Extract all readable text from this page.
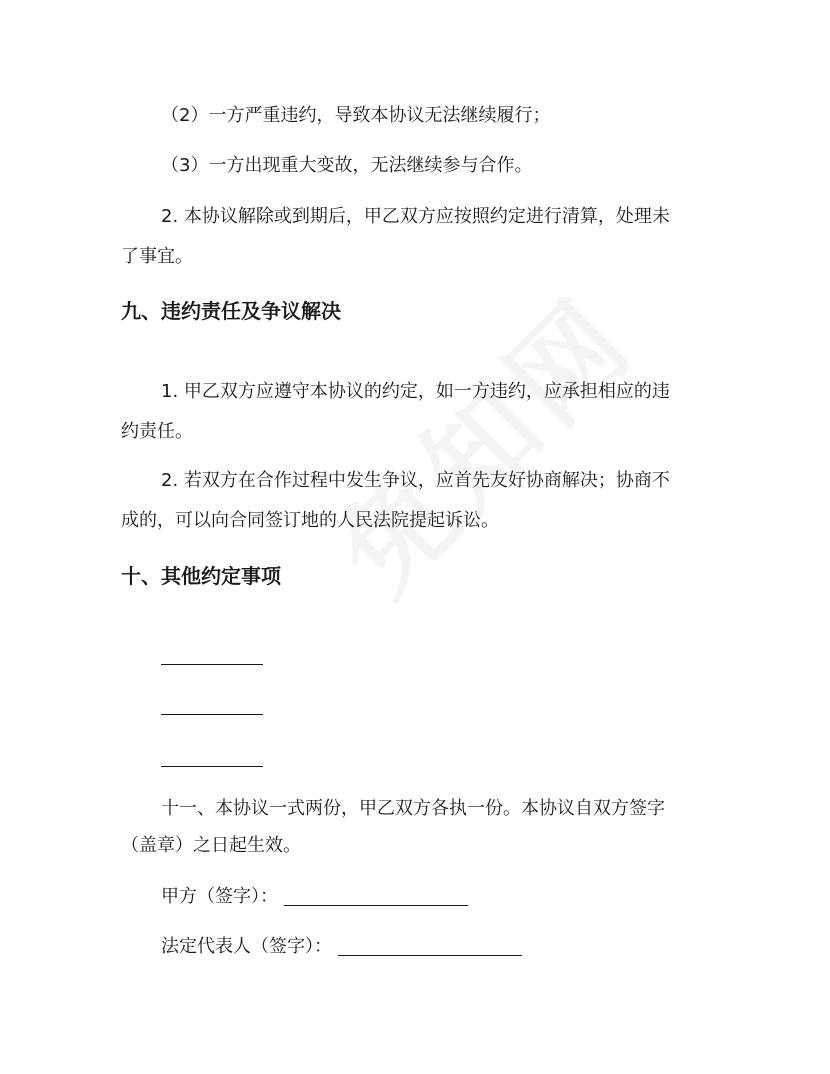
（2）一方严重违约，导致本协议无法继续履行；
（3）一方出现重大变故，无法继续参与合作。
2. 本协议解除或到期后，甲乙双方应按照约定进行清算，处理未
了事宜。
九、违约责任及争议解决
1. 甲乙双方应遵守本协议的约定，如一方违约，应承担相应的违
约责任。
2. 若双方在合作过程中发生争议，应首先友好协商解决；协商不
成的，可以向合同签订地的人民法院提起诉讼。
十、其他约定事项
十一、本协议一式两份，甲乙双方各执一份。本协议自双方签字
（盖章）之日起生效。
甲方（签字）：
法定代表人（签字）：
